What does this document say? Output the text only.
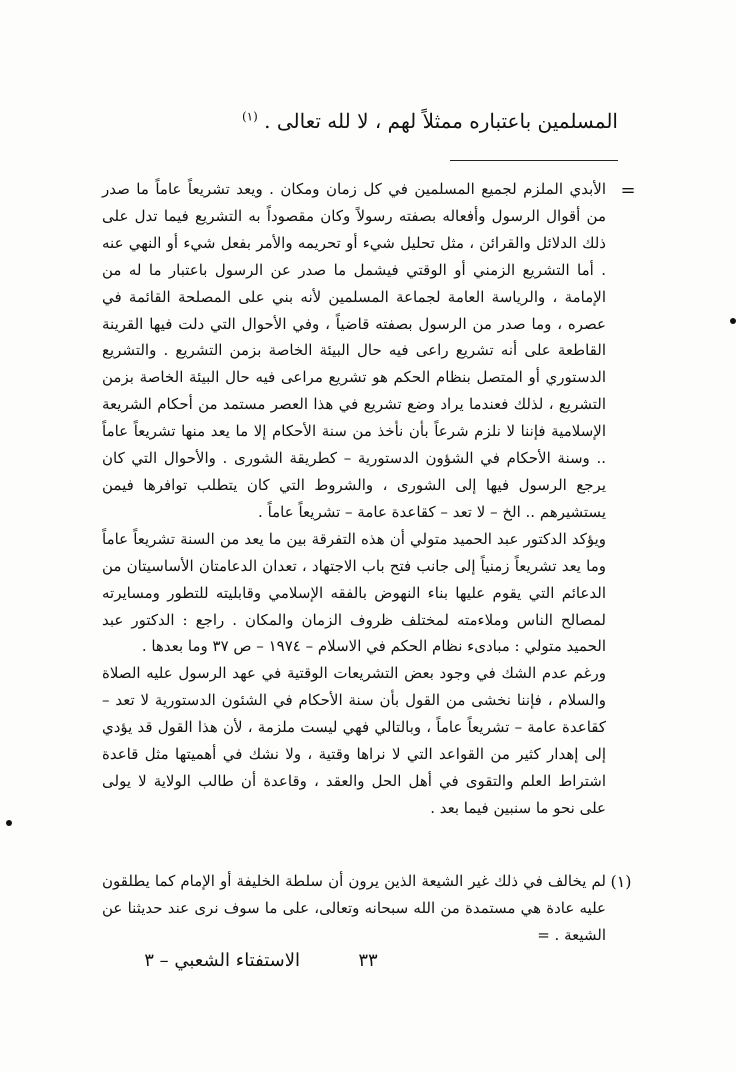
المسلمين باعتباره ممثلاً لهم ، لا لله تعالى . $^{(١)}$
=
الأبدي الملزم لجميع المسلمين في كل زمان ومكان . ويعد تشريعاً عاماً ما صدر من أقوال الرسول وأفعاله بصفته رسولاً وكان مقصوداً به التشريع فيما تدل على ذلك الدلائل والقرائن ، مثل تحليل شيء أو تحريمه والأمر بفعل شيء أو النهي عنه . أما التشريع الزمني أو الوقتي فيشمل ما صدر عن الرسول باعتبار ما له من الإمامة ، والرياسة العامة لجماعة المسلمين لأنه بني على المصلحة القائمة في عصره ، وما صدر من الرسول بصفته قاضياً ، وفي الأحوال التي دلت فيها القرينة القاطعة على أنه تشريع راعى فيه حال البيئة الخاصة بزمن التشريع . والتشريع الدستوري أو المتصل بنظام الحكم هو تشريع مراعى فيه حال البيئة الخاصة بزمن التشريع ، لذلك فعندما يراد وضع تشريع في هذا العصر مستمد من أحكام الشريعة الإسلامية فإننا لا نلزم شرعاً بأن نأخذ من سنة الأحكام إلا ما يعد منها تشريعاً عاماً .. وسنة الأحكام في الشؤون الدستورية – كطريقة الشورى . والأحوال التي كان يرجع الرسول فيها إلى الشورى ، والشروط التي كان يتطلب توافرها فيمن يستشيرهم .. الخ – لا تعد – كقاعدة عامة – تشريعاً عاماً .
ويؤكد الدكتور عبد الحميد متولي أن هذه التفرقة بين ما يعد من السنة تشريعاً عاماً وما يعد تشريعاً زمنياً إلى جانب فتح باب الاجتهاد ، تعدان الدعامتان الأساسيتان من الدعائم التي يقوم عليها بناء النهوض بالفقه الإسلامي وقابليته للتطور ومسايرته لمصالح الناس وملاءمته لمختلف ظروف الزمان والمكان . راجع : الدكتور عبد الحميد متولي : مبادىء نظام الحكم في الاسلام – ١٩٧٤ – ص ٣٧ وما بعدها .
ورغم عدم الشك في وجود بعض التشريعات الوقتية في عهد الرسول عليه الصلاة والسلام ، فإننا نخشى من القول بأن سنة الأحكام في الشئون الدستورية لا تعد – كقاعدة عامة – تشريعاً عاماً ، وبالتالي فهي ليست ملزمة ، لأن هذا القول قد يؤدي إلى إهدار كثير من القواعد التي لا نراها وقتية ، ولا نشك في أهميتها مثل قاعدة اشتراط العلم والتقوى في أهل الحل والعقد ، وقاعدة أن طالب الولاية لا يولى على نحو ما سنبين فيما بعد .
(١)
لم يخالف في ذلك غير الشيعة الذين يرون أن سلطة الخليفة أو الإمام كما يطلقون عليه عادة هي مستمدة من الله سبحانه وتعالى، على ما سوف نرى عند حديثنا عن الشيعة . =
٣٣
الاستفتاء الشعبي – ٣
